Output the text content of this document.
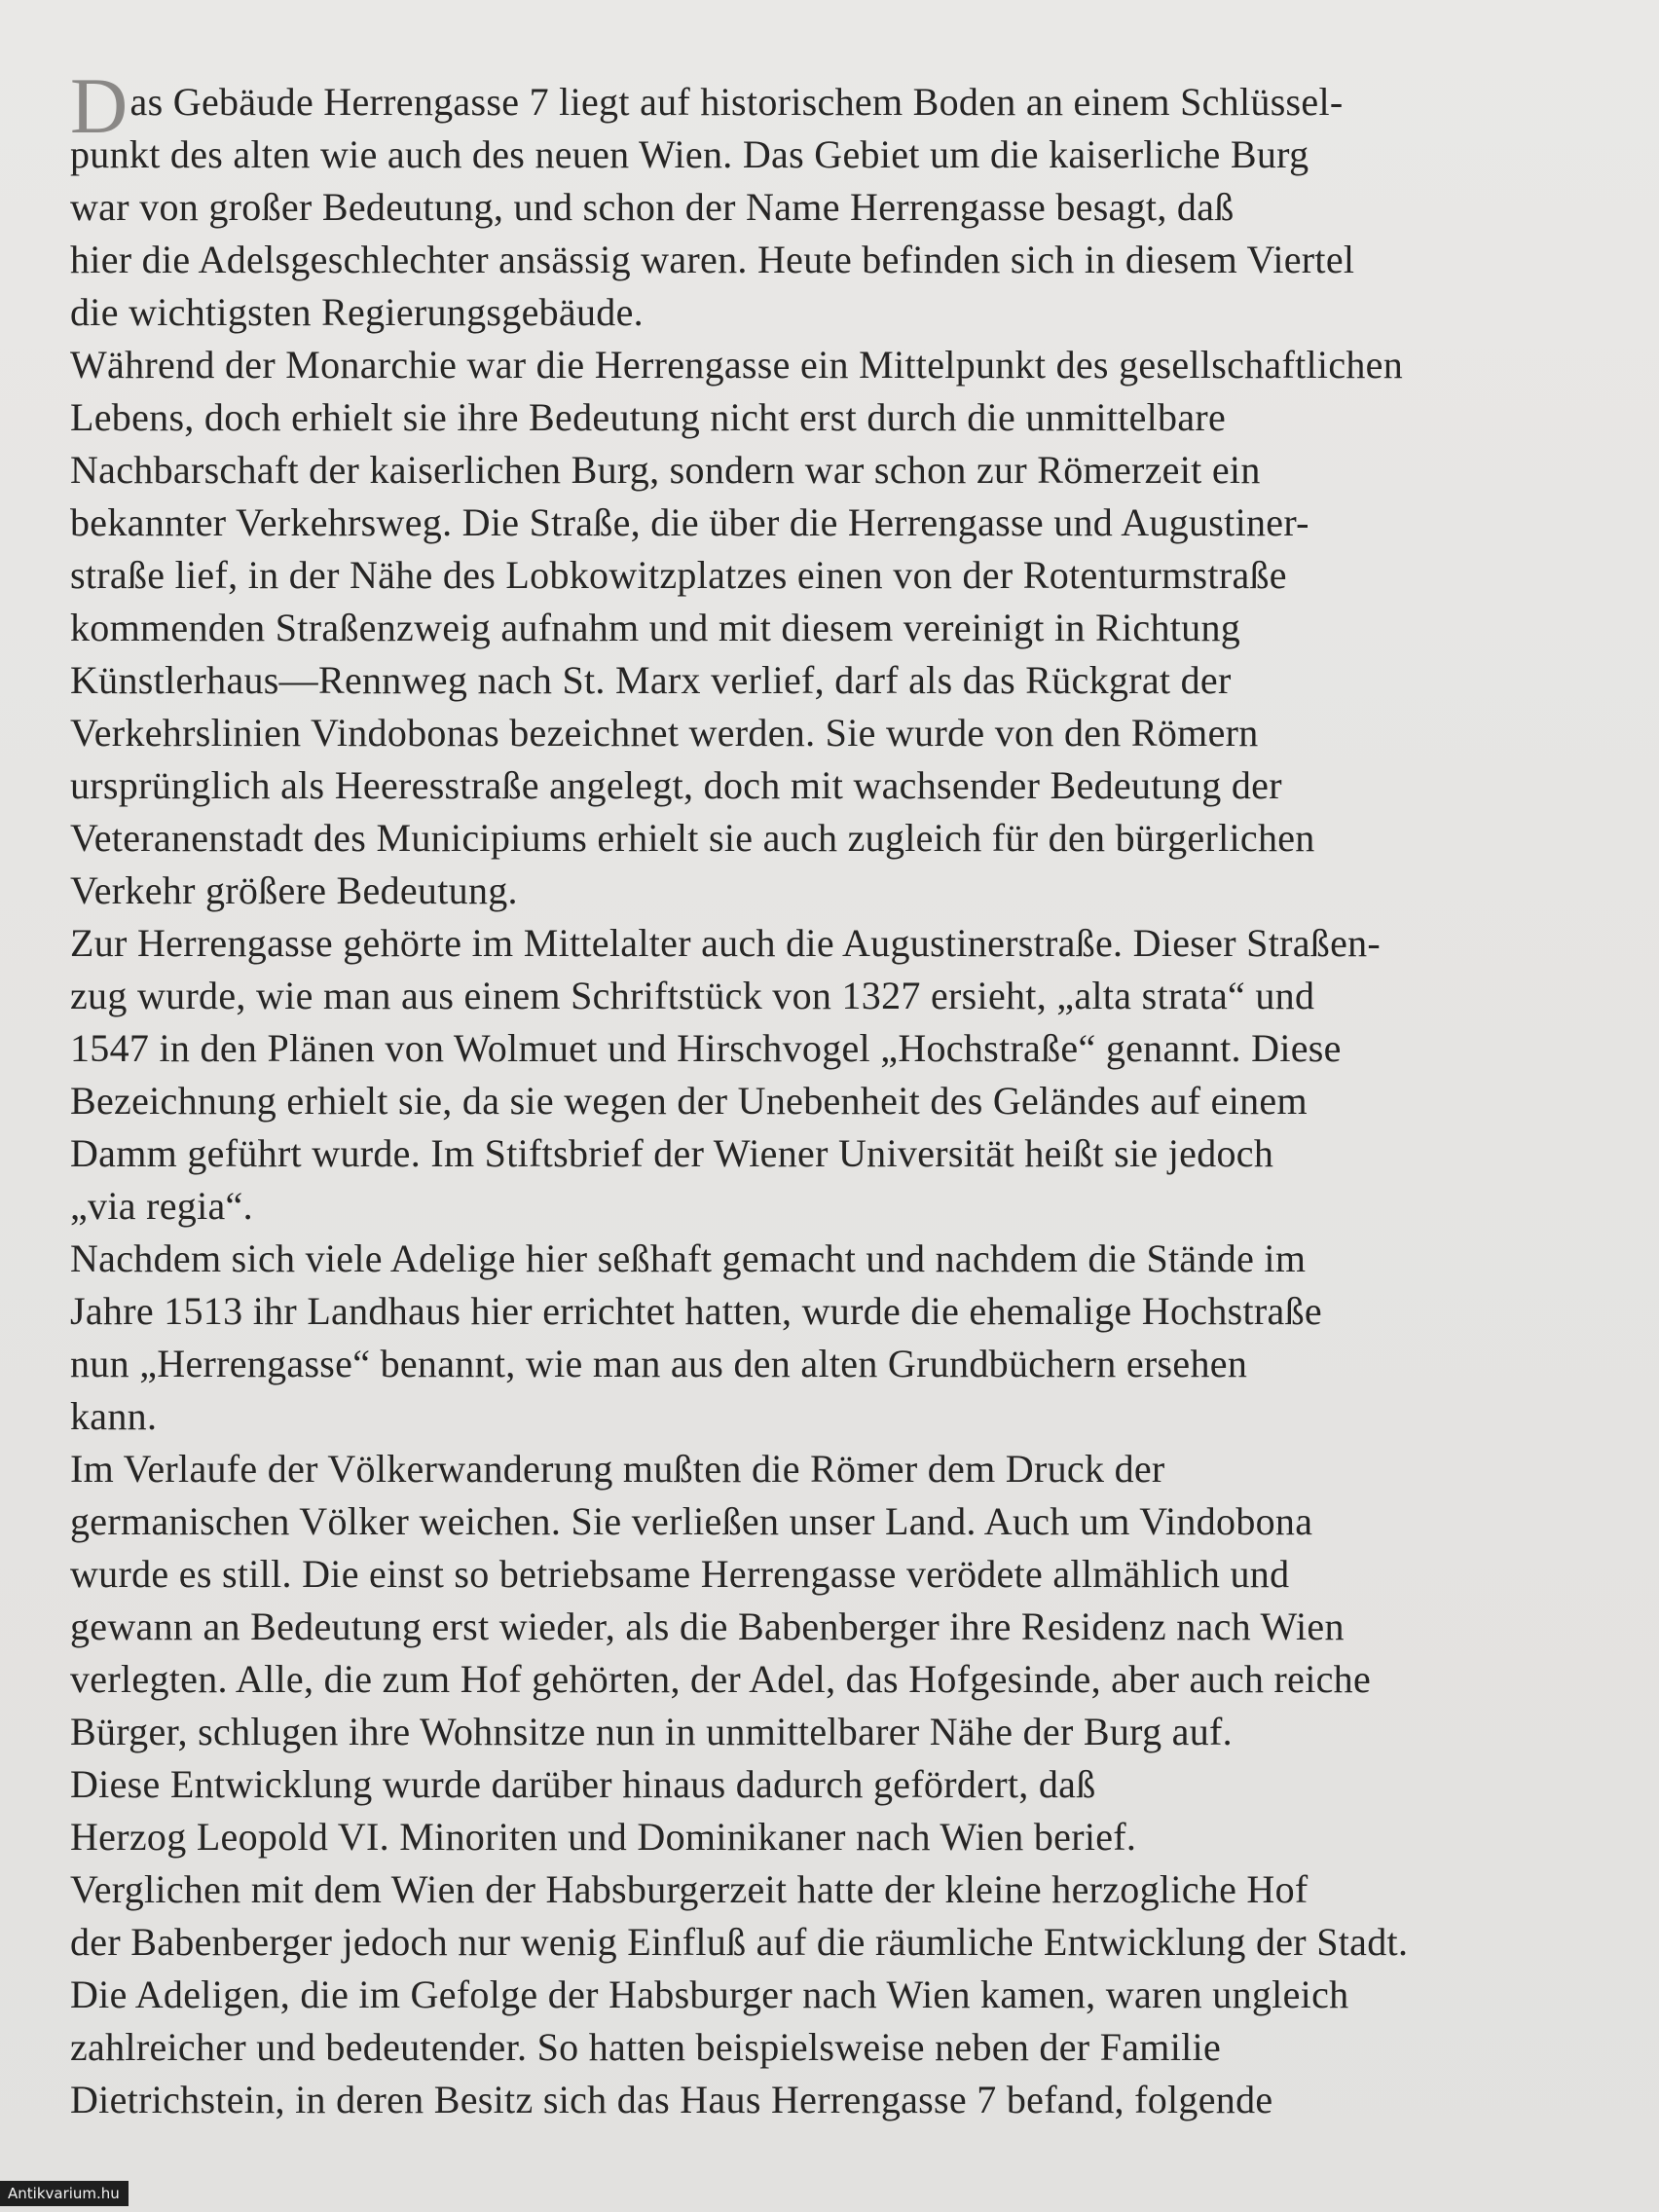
Das Gebäude Herrengasse 7 liegt auf historischem Boden an einem Schlüssel-
punkt des alten wie auch des neuen Wien. Das Gebiet um die kaiserliche Burg
war von großer Bedeutung, und schon der Name Herrengasse besagt, daß
hier die Adelsgeschlechter ansässig waren. Heute befinden sich in diesem Viertel
die wichtigsten Regierungsgebäude.
Während der Monarchie war die Herrengasse ein Mittelpunkt des gesellschaftlichen
Lebens, doch erhielt sie ihre Bedeutung nicht erst durch die unmittelbare
Nachbarschaft der kaiserlichen Burg, sondern war schon zur Römerzeit ein
bekannter Verkehrsweg. Die Straße, die über die Herrengasse und Augustiner-
straße lief, in der Nähe des Lobkowitzplatzes einen von der Rotenturmstraße
kommenden Straßenzweig aufnahm und mit diesem vereinigt in Richtung
Künstlerhaus—Rennweg nach St. Marx verlief, darf als das Rückgrat der
Verkehrslinien Vindobonas bezeichnet werden. Sie wurde von den Römern
ursprünglich als Heeresstraße angelegt, doch mit wachsender Bedeutung der
Veteranenstadt des Municipiums erhielt sie auch zugleich für den bürgerlichen
Verkehr größere Bedeutung.
Zur Herrengasse gehörte im Mittelalter auch die Augustinerstraße. Dieser Straßen-
zug wurde, wie man aus einem Schriftstück von 1327 ersieht, „alta strata“ und
1547 in den Plänen von Wolmuet und Hirschvogel „Hochstraße“ genannt. Diese
Bezeichnung erhielt sie, da sie wegen der Unebenheit des Geländes auf einem
Damm geführt wurde. Im Stiftsbrief der Wiener Universität heißt sie jedoch
„via regia“.
Nachdem sich viele Adelige hier seßhaft gemacht und nachdem die Stände im
Jahre 1513 ihr Landhaus hier errichtet hatten, wurde die ehemalige Hochstraße
nun „Herrengasse“ benannt, wie man aus den alten Grundbüchern ersehen
kann.
Im Verlaufe der Völkerwanderung mußten die Römer dem Druck der
germanischen Völker weichen. Sie verließen unser Land. Auch um Vindobona
wurde es still. Die einst so betriebsame Herrengasse verödete allmählich und
gewann an Bedeutung erst wieder, als die Babenberger ihre Residenz nach Wien
verlegten. Alle, die zum Hof gehörten, der Adel, das Hofgesinde, aber auch reiche
Bürger, schlugen ihre Wohnsitze nun in unmittelbarer Nähe der Burg auf.
Diese Entwicklung wurde darüber hinaus dadurch gefördert, daß
Herzog Leopold VI. Minoriten und Dominikaner nach Wien berief.
Verglichen mit dem Wien der Habsburgerzeit hatte der kleine herzogliche Hof
der Babenberger jedoch nur wenig Einfluß auf die räumliche Entwicklung der Stadt.
Die Adeligen, die im Gefolge der Habsburger nach Wien kamen, waren ungleich
zahlreicher und bedeutender. So hatten beispielsweise neben der Familie
Dietrichstein, in deren Besitz sich das Haus Herrengasse 7 befand, folgende
Antikvarium.hu
